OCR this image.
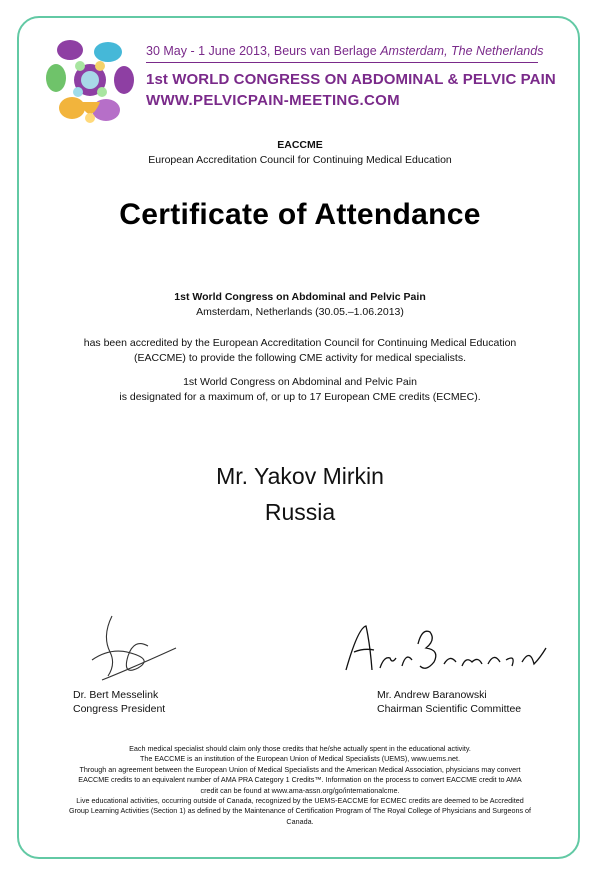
30 May - 1 June 2013, Beurs van Berlage Amsterdam, The Netherlands
1st WORLD CONGRESS ON ABDOMINAL & PELVIC PAIN
WWW.PELVICPAIN-MEETING.COM
EACCME
European Accreditation Council for Continuing Medical Education
Certificate of Attendance
1st World Congress on Abdominal and Pelvic Pain
Amsterdam, Netherlands (30.05.–1.06.2013)
has been accredited by the European Accreditation Council for Continuing Medical Education
(EACCME) to provide the following CME activity for medical specialists.
1st World Congress on Abdominal and Pelvic Pain
is designated for a maximum of, or up to 17 European CME credits (ECMEC).
Mr. Yakov Mirkin
Russia
Dr. Bert Messelink
Congress President
Mr. Andrew Baranowski
Chairman Scientific Committee
Each medical specialist should claim only those credits that he/she actually spent in the educational activity.
The EACCME is an institution of the European Union of Medical Specialists (UEMS), www.uems.net.
Through an agreement between the European Union of Medical Specialists and the American Medical Association, physicians may convert
EACCME credits to an equivalent number of AMA PRA Category 1 Credits™. Information on the process to convert EACCME credit to AMA
credit can be found at www.ama-assn.org/go/internationalcme.
Live educational activities, occurring outside of Canada, recognized by the UEMS-EACCME for ECMEC credits are deemed to be Accredited
Group Learning Activities (Section 1) as defined by the Maintenance of Certification Program of The Royal College of Physicians and Surgeons of
Canada.
